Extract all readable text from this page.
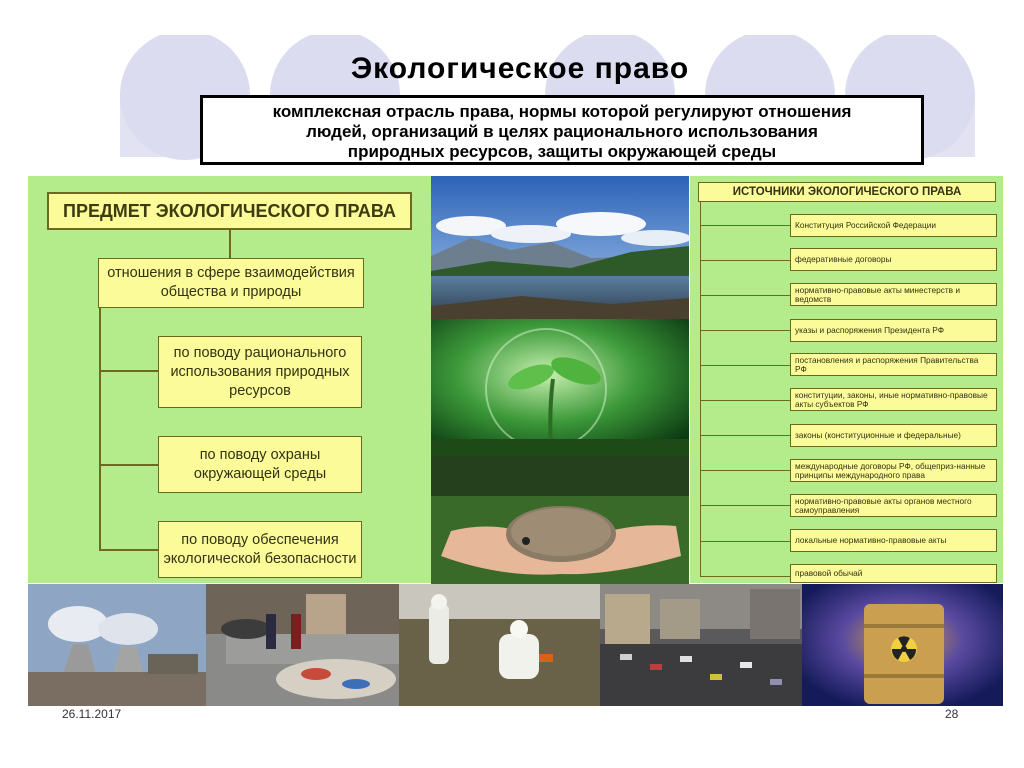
Экологическое право
комплексная отрасль права, нормы которой регулируют отношения
людей, организаций в целях рационального использования
природных ресурсов, защиты окружающей среды
ПРЕДМЕТ ЭКОЛОГИЧЕСКОГО ПРАВА
отношения в сфере взаимодействия
общества и природы
по поводу рационального
использования природных
ресурсов
по поводу охраны
окружающей среды
по поводу обеспечения
экологической безопасности
ИСТОЧНИКИ ЭКОЛОГИЧЕСКОГО ПРАВА
Конституция Российской Федерации
федеративные договоры
нормативно-правовые акты минестерств и ведомств
указы и распоряжения Президента РФ
постановления и распоряжения Правительства РФ
конституции, законы, иные нормативно-правовые акты субъектов РФ
законы (конституционные и федеральные)
международные договоры РФ, общеприз-нанные принципы международного права
нормативно-правовые акты органов местного самоуправления
локальные нормативно-правовые акты
правовой обычай
26.11.2017	28
